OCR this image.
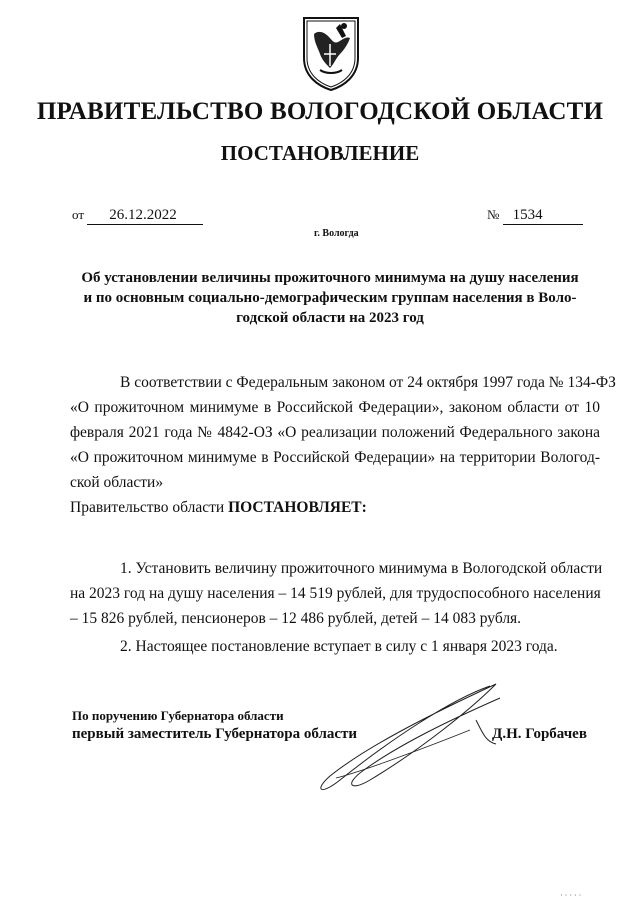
ПРАВИТЕЛЬСТВО ВОЛОГОДСКОЙ ОБЛАСТИ
ПОСТАНОВЛЕНИЕ
от 26.12.2022	№ 1534
г. Вологда
Об установлении величины прожиточного минимума на душу населения
и по основным социально-демографическим группам населения в Воло-
годской области на 2023 год
В соответствии с Федеральным законом от 24 октября 1997 года № 134-ФЗ
«О прожиточном минимуме в Российской Федерации», законом области от 10
февраля 2021 года № 4842-ОЗ «О реализации положений Федерального закона
«О прожиточном минимуме в Российской Федерации» на территории Вологод-
ской области»
Правительство области ПОСТАНОВЛЯЕТ:
1. Установить величину прожиточного минимума в Вологодской области
на 2023 год на душу населения – 14 519 рублей, для трудоспособного населения
– 15 826 рублей, пенсионеров – 12 486 рублей, детей – 14 083 рубля.
2. Настоящее постановление вступает в силу с 1 января 2023 года.
По поручению Губернатора области
первый заместитель Губернатора области	Д.Н. Горбачев
· · · · ·
